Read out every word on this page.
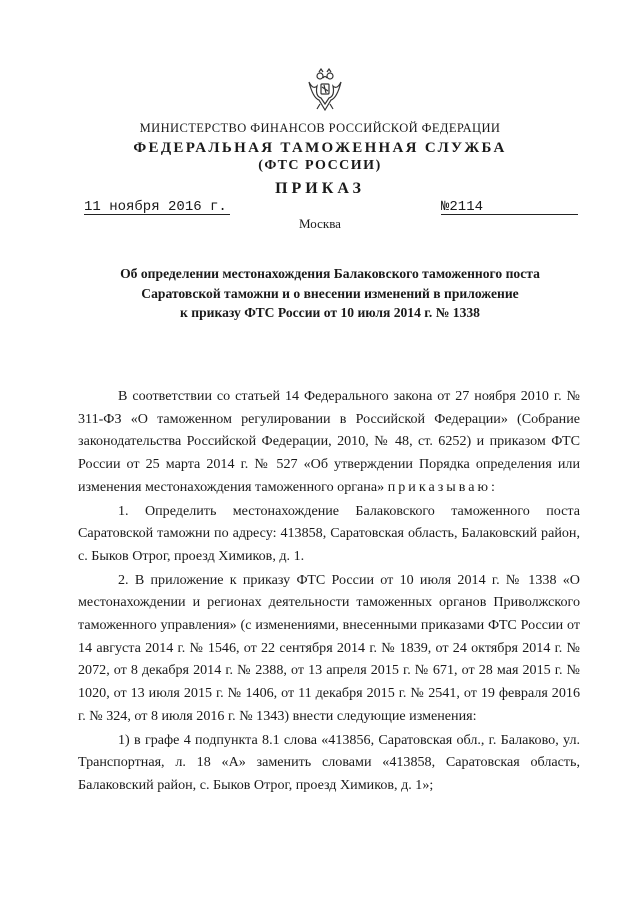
МИНИСТЕРСТВО ФИНАНСОВ РОССИЙСКОЙ ФЕДЕРАЦИИ
ФЕДЕРАЛЬНАЯ ТАМОЖЕННАЯ СЛУЖБА
(ФТС РОССИИ)
ПРИКАЗ
11 ноября 2016 г.	№2114
Москва
Об определении местонахождения Балаковского таможенного поста
Саратовской таможни и о внесении изменений в приложение
к приказу ФТС России от 10 июля 2014 г. № 1338

В соответствии со статьей 14 Федерального закона от 27 ноября 2010 г. № 311-ФЗ «О таможенном регулировании в Российской Федерации» (Собрание законодательства Российской Федерации, 2010, № 48, ст. 6252) и приказом ФТС России от 25 марта 2014 г. № 527 «Об утверждении Порядка определения или изменения местонахождения таможенного органа» приказываю:

1. Определить местонахождение Балаковского таможенного поста Саратовской таможни по адресу: 413858, Саратовская область, Балаковский район, с. Быков Отрог, проезд Химиков, д. 1.

2. В приложение к приказу ФТС России от 10 июля 2014 г. № 1338 «О местонахождении и регионах деятельности таможенных органов Приволжского таможенного управления» (с изменениями, внесенными приказами ФТС России от 14 августа 2014 г. № 1546, от 22 сентября 2014 г. № 1839, от 24 октября 2014 г. № 2072, от 8 декабря 2014 г. № 2388, от 13 апреля 2015 г. № 671, от 28 мая 2015 г. № 1020, от 13 июля 2015 г. № 1406, от 11 декабря 2015 г. № 2541, от 19 февраля 2016 г. № 324, от 8 июля 2016 г. № 1343) внести следующие изменения:

1) в графе 4 подпункта 8.1 слова «413856, Саратовская обл., г. Балаково, ул. Транспортная, л. 18 «А» заменить словами «413858, Саратовская область, Балаковский район, с. Быков Отрог, проезд Химиков, д. 1»;
